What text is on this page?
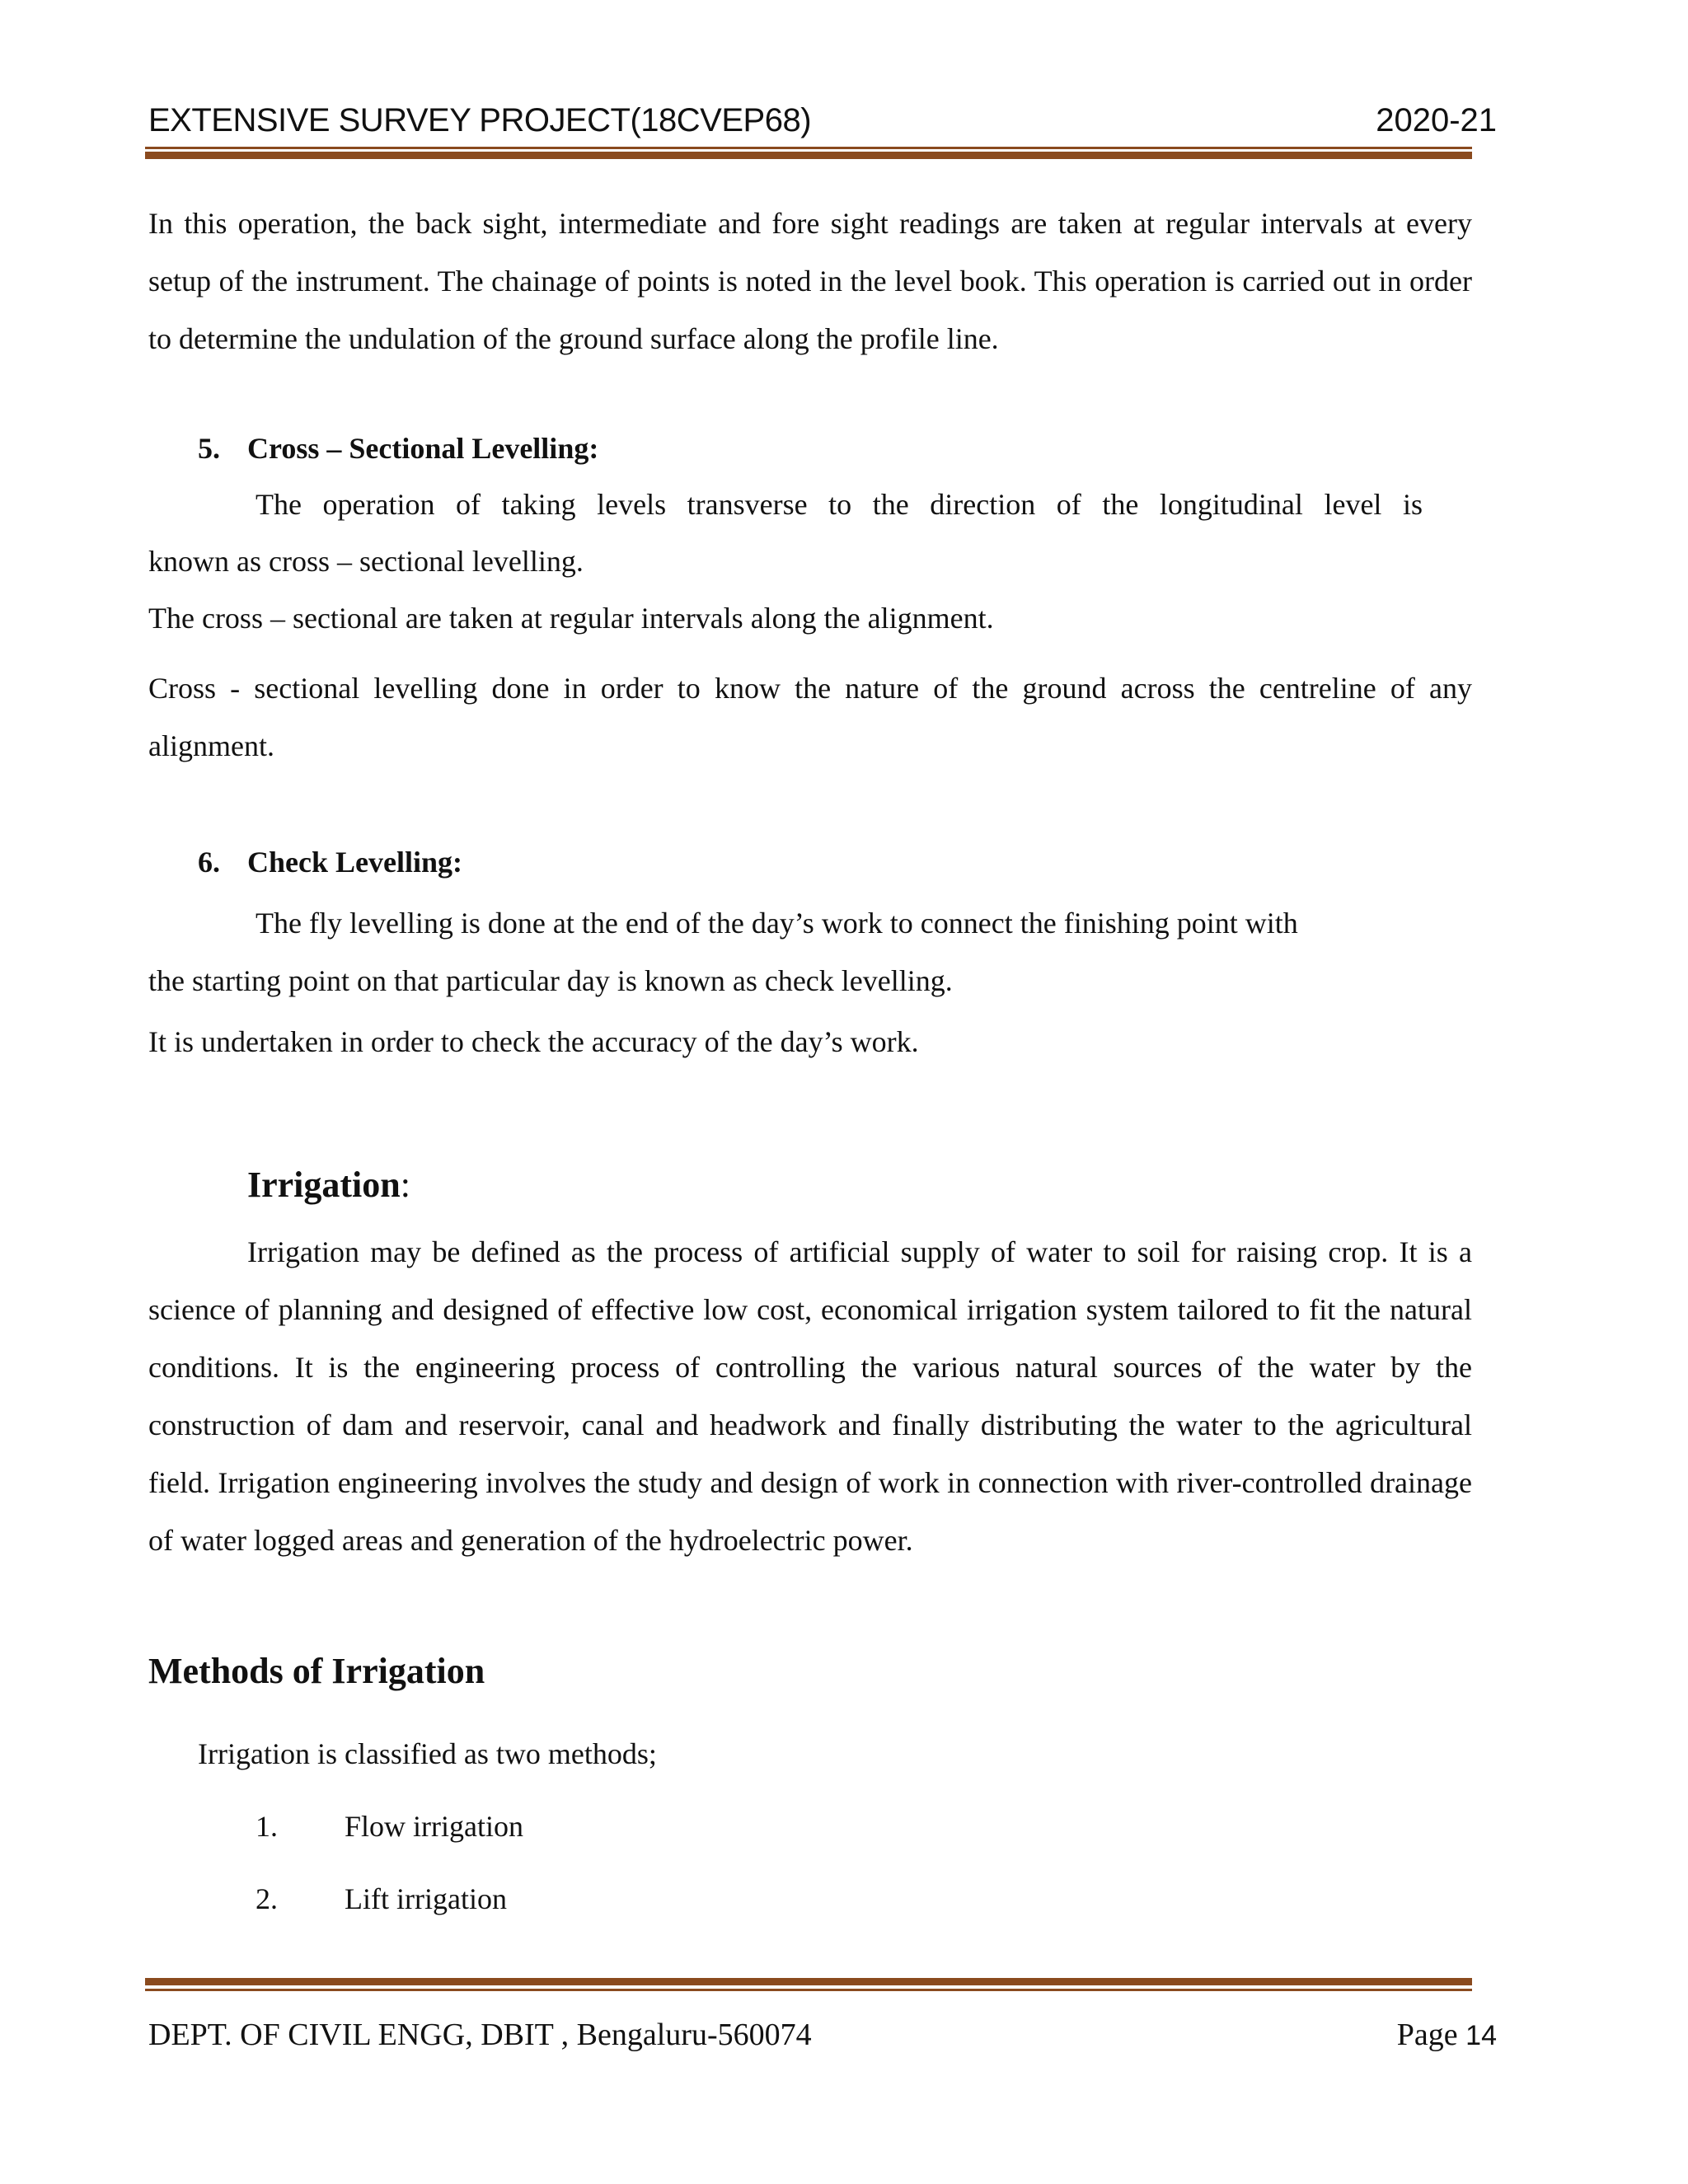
EXTENSIVE SURVEY PROJECT(18CVEP68)	2020-21
In this operation, the back sight, intermediate and fore sight readings are taken at regular intervals at every setup of the instrument. The chainage of points is noted in the level book. This operation is carried out in order to determine the undulation of the ground surface along the profile line.
5. Cross – Sectional Levelling:
The operation of taking levels transverse to the direction of the longitudinal level is
known as cross – sectional levelling.
The cross – sectional are taken at regular intervals along the alignment.
Cross - sectional levelling done in order to know the nature of the ground across the centreline of any alignment.
6. Check Levelling:
The fly levelling is done at the end of the day’s work to connect the finishing point with
the starting point on that particular day is known as check levelling.
It is undertaken in order to check the accuracy of the day’s work.
Irrigation:
Irrigation may be defined as the process of artificial supply of water to soil for raising crop. It is a science of planning and designed of effective low cost, economical irrigation system tailored to fit the natural conditions. It is the engineering process of controlling the various natural sources of the water by the construction of dam and reservoir, canal and headwork and finally distributing the water to the agricultural field. Irrigation engineering involves the study and design of work in connection with river-controlled drainage of water logged areas and generation of the hydroelectric power.
Methods of Irrigation
Irrigation is classified as two methods;
1. Flow irrigation
2. Lift irrigation
DEPT. OF CIVIL ENGG, DBIT , Bengaluru-560074	Page 14
